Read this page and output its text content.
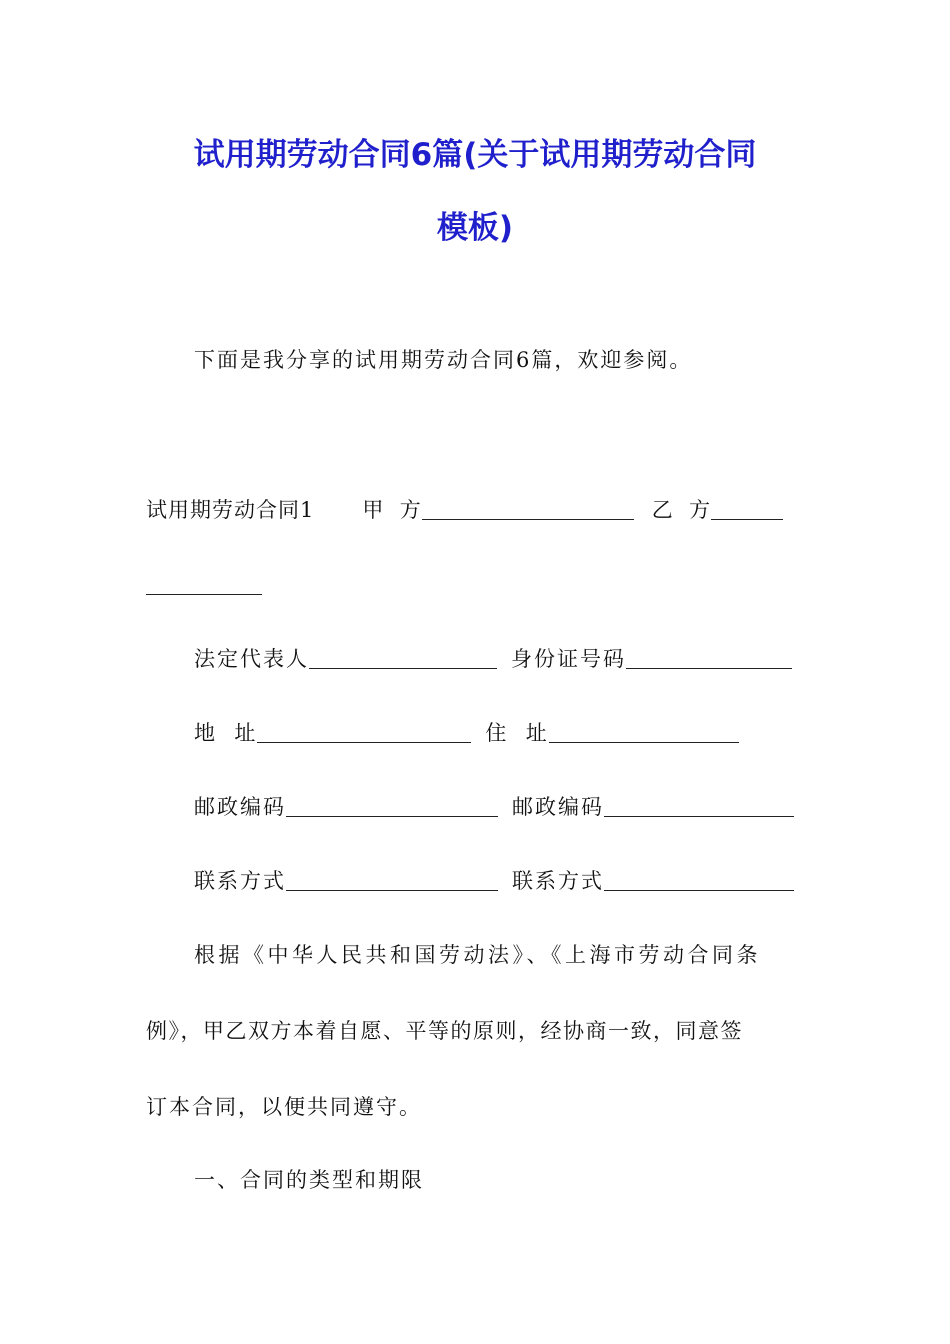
试用期劳动合同6篇(关于试用期劳动合同
模板)
下面是我分享的试用期劳动合同6篇，欢迎参阅。
试用期劳动合同1 甲  方	乙  方
法定代表人	身份证号码
地  址	住  址
邮政编码	邮政编码
联系方式	联系方式
根据《中华人民共和国劳动法》、《上海市劳动合同条
例》，甲乙双方本着自愿、平等的原则，经协商一致，同意签
订本合同，以便共同遵守。
一、合同的类型和期限
